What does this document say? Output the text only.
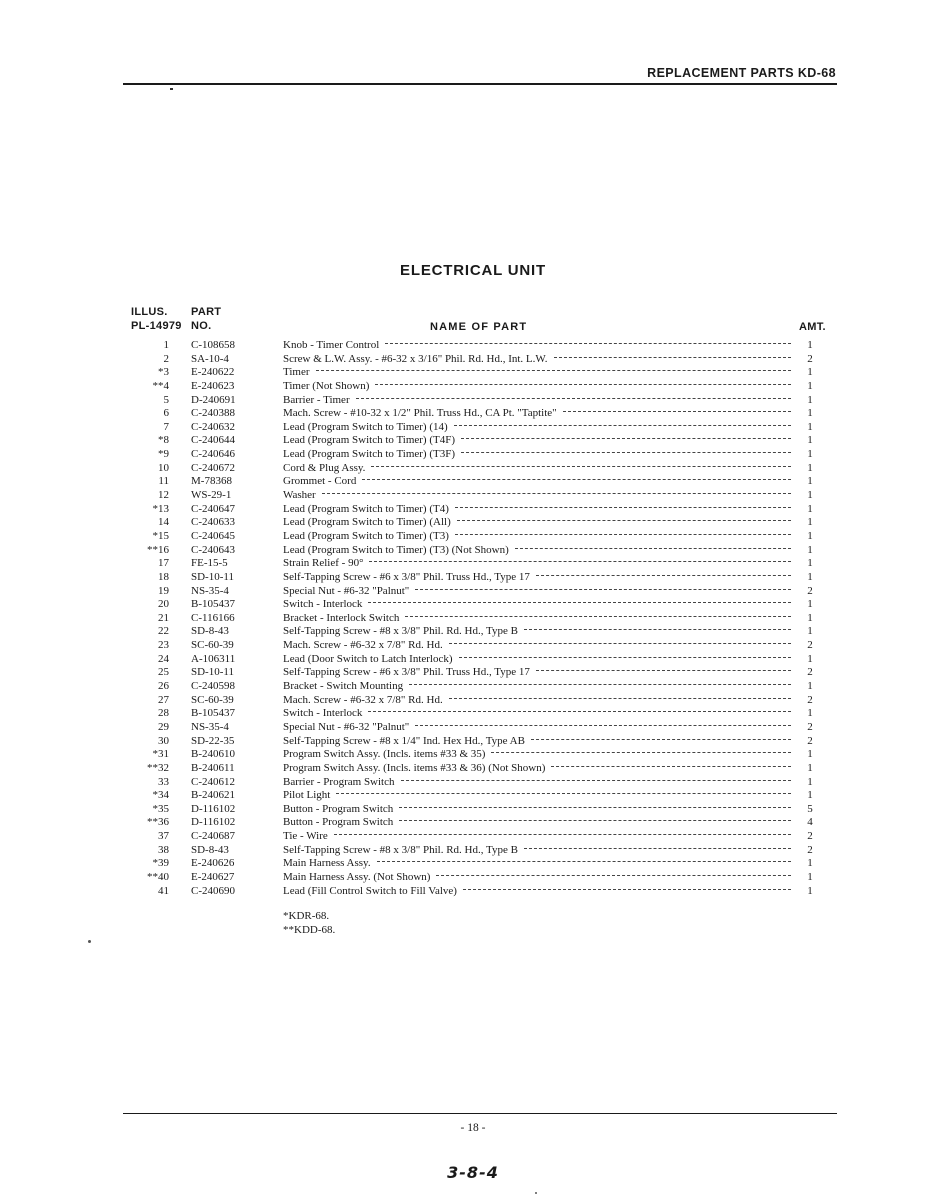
REPLACEMENT PARTS KD-68
ELECTRICAL UNIT
ILLUS.
PL-14979
PART
NO.	NAME OF PART	AMT.
1 C-108658	Knob - Timer Control	1
2 SA-10-4	Screw & L.W. Assy. - #6-32 x 3/16" Phil. Rd. Hd., Int. L.W.	2
*3 E-240622	Timer	1
**4 E-240623	Timer (Not Shown)	1
5 D-240691	Barrier - Timer	1
6 C-240388	Mach. Screw - #10-32 x 1/2" Phil. Truss Hd., CA Pt. "Taptite"	1
7 C-240632	Lead (Program Switch to Timer) (14)	1
*8 C-240644	Lead (Program Switch to Timer) (T4F)	1
*9 C-240646	Lead (Program Switch to Timer) (T3F)	1
10 C-240672	Cord & Plug Assy.	1
11 M-78368	Grommet - Cord	1
12 WS-29-1	Washer	1
*13 C-240647	Lead (Program Switch to Timer) (T4)	1
14 C-240633	Lead (Program Switch to Timer) (All)	1
*15 C-240645	Lead (Program Switch to Timer) (T3)	1
**16 C-240643	Lead (Program Switch to Timer) (T3) (Not Shown)	1
17 FE-15-5	Strain Relief - 90°	1
18 SD-10-11	Self-Tapping Screw - #6 x 3/8" Phil. Truss Hd., Type 17	1
19 NS-35-4	Special Nut - #6-32 "Palnut"	2
20 B-105437	Switch - Interlock	1
21 C-116166	Bracket - Interlock Switch	1
22 SD-8-43	Self-Tapping Screw - #8 x 3/8" Phil. Rd. Hd., Type B	1
23 SC-60-39	Mach. Screw - #6-32 x 7/8" Rd. Hd.	2
24 A-106311	Lead (Door Switch to Latch Interlock)	1
25 SD-10-11	Self-Tapping Screw - #6 x 3/8" Phil. Truss Hd., Type 17	2
26 C-240598	Bracket - Switch Mounting	1
27 SC-60-39	Mach. Screw - #6-32 x 7/8" Rd. Hd.	2
28 B-105437	Switch - Interlock	1
29 NS-35-4	Special Nut - #6-32 "Palnut"	2
30 SD-22-35	Self-Tapping Screw - #8 x 1/4" Ind. Hex Hd., Type AB	2
*31 B-240610	Program Switch Assy. (Incls. items #33 & 35)	1
**32 B-240611	Program Switch Assy. (Incls. items #33 & 36) (Not Shown)	1
33 C-240612	Barrier - Program Switch	1
*34 B-240621	Pilot Light	1
*35 D-116102	Button - Program Switch	5
**36 D-116102	Button - Program Switch	4
37 C-240687	Tie - Wire	2
38 SD-8-43	Self-Tapping Screw - #8 x 3/8" Phil. Rd. Hd., Type B	2
*39 E-240626	Main Harness Assy.	1
**40 E-240627	Main Harness Assy. (Not Shown)	1
41 C-240690	Lead (Fill Control Switch to Fill Valve)	1
*KDR-68.
**KDD-68.
- 18 -
3-8-4
